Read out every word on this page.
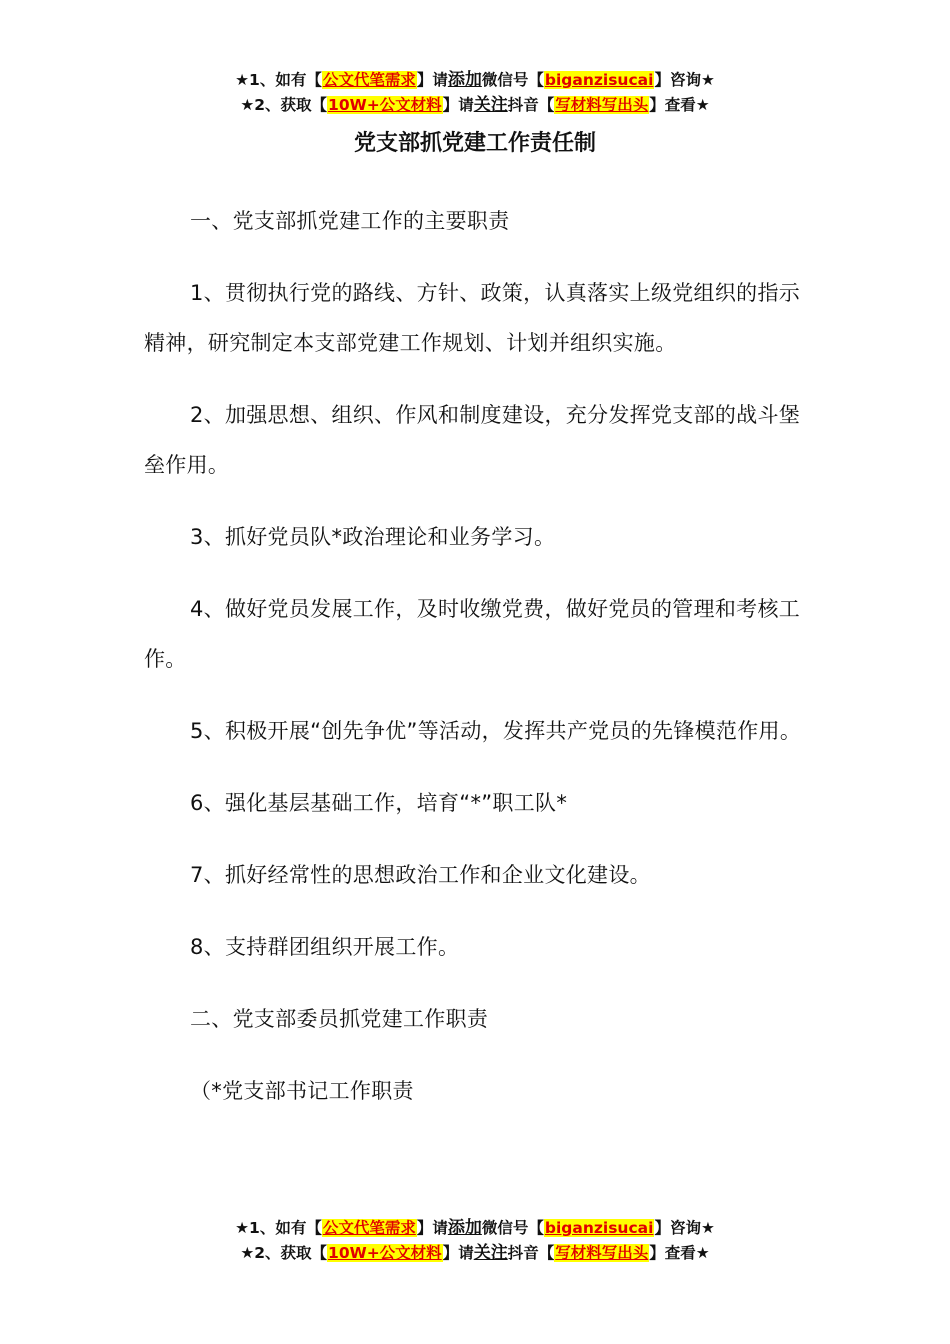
★1、如有【公文代笔需求】请添加微信号【biganzisucai】咨询★
★2、获取【10W+公文材料】请关注抖音【写材料写出头】查看★
党支部抓党建工作责任制

一、党支部抓党建工作的主要职责

1、贯彻执行党的路线、方针、政策，认真落实上级党组织的指示精神，研究制定本支部党建工作规划、计划并组织实施。

2、加强思想、组织、作风和制度建设，充分发挥党支部的战斗堡垒作用。

3、抓好党员队*政治理论和业务学习。

4、做好党员发展工作，及时收缴党费，做好党员的管理和考核工作。

5、积极开展“创先争优”等活动，发挥共产党员的先锋模范作用。

6、强化基层基础工作，培育“*”职工队*

7、抓好经常性的思想政治工作和企业文化建设。

8、支持群团组织开展工作。

二、党支部委员抓党建工作职责

（*党支部书记工作职责

★1、如有【公文代笔需求】请添加微信号【biganzisucai】咨询★
★2、获取【10W+公文材料】请关注抖音【写材料写出头】查看★
